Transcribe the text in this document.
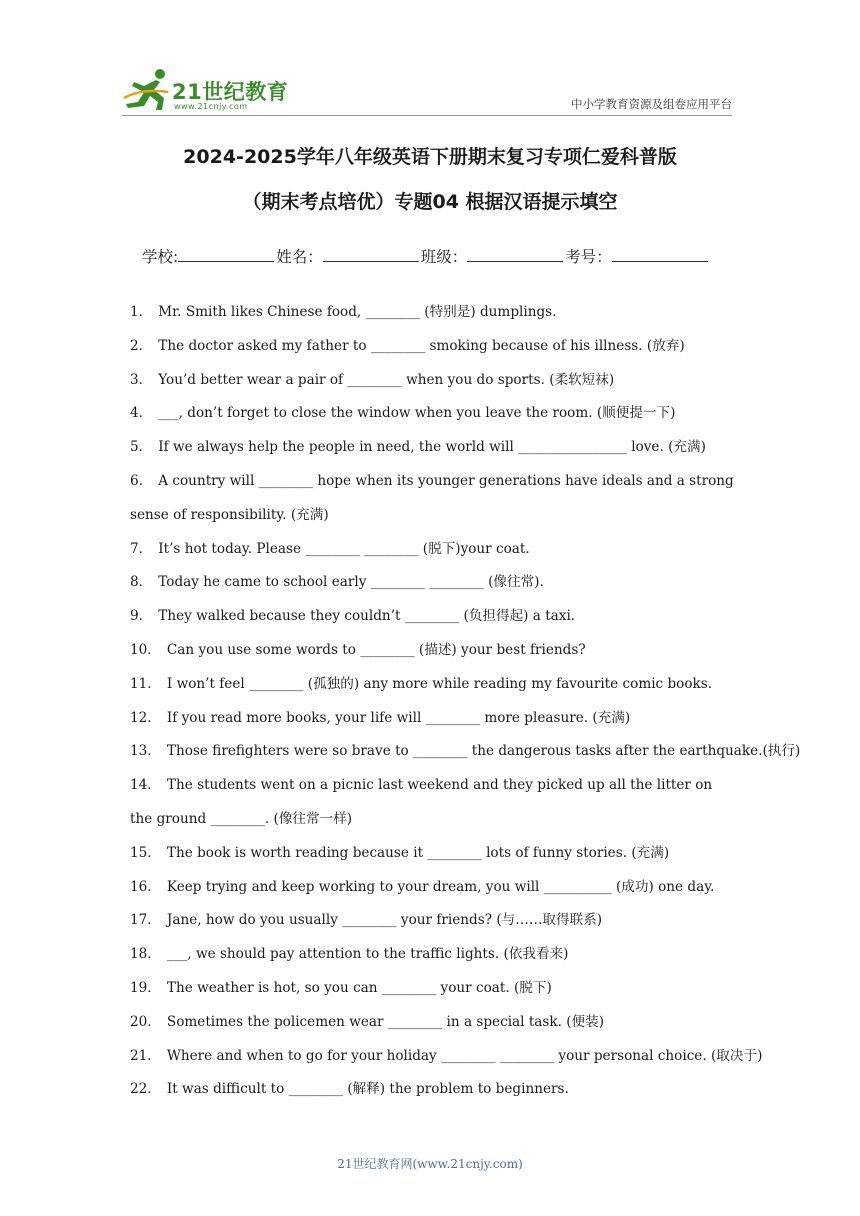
21世纪教育
www.21cnjy.com	中小学教育资源及组卷应用平台
2024-2025学年八年级英语下册期末复习专项仁爱科普版
（期末考点培优）专题04 根据汉语提示填空
学校:	姓名：	班级：	考号：
1． Mr. Smith likes Chinese food, ________ (特别是) dumplings.
2． The doctor asked my father to ________ smoking because of his illness. (放弃)
3． You’d better wear a pair of ________ when you do sports. (柔软短袜)
4． ___, don’t forget to close the window when you leave the room. (顺便提一下)
5． If we always help the people in need, the world will ________________ love. (充满)
6． A country will ________ hope when its younger generations have ideals and a strong sense of responsibility. (充满)
7． It’s hot today. Please ________ ________ (脱下)your coat.
8． Today he came to school early ________ ________ (像往常).
9． They walked because they couldn’t ________ (负担得起) a taxi.
10． Can you use some words to ________ (描述) your best friends?
11． I won’t feel ________ (孤独的) any more while reading my favourite comic books.
12． If you read more books, your life will ________ more pleasure. (充满)
13． Those firefighters were so brave to ________ the dangerous tasks after the earthquake.(执行)
14． The students went on a picnic last weekend and they picked up all the litter on the ground ________. (像往常一样)
15． The book is worth reading because it ________ lots of funny stories. (充满)
16． Keep trying and keep working to your dream, you will __________ (成功) one day.
17． Jane, how do you usually ________ your friends? (与……取得联系)
18． ___, we should pay attention to the traffic lights. (依我看来)
19． The weather is hot, so you can ________ your coat. (脱下)
20． Sometimes the policemen wear ________ in a special task. (便装)
21． Where and when to go for your holiday ________ ________ your personal choice. (取决于)
22． It was difficult to ________ (解释) the problem to beginners.
21世纪教育网(www.21cnjy.com)
